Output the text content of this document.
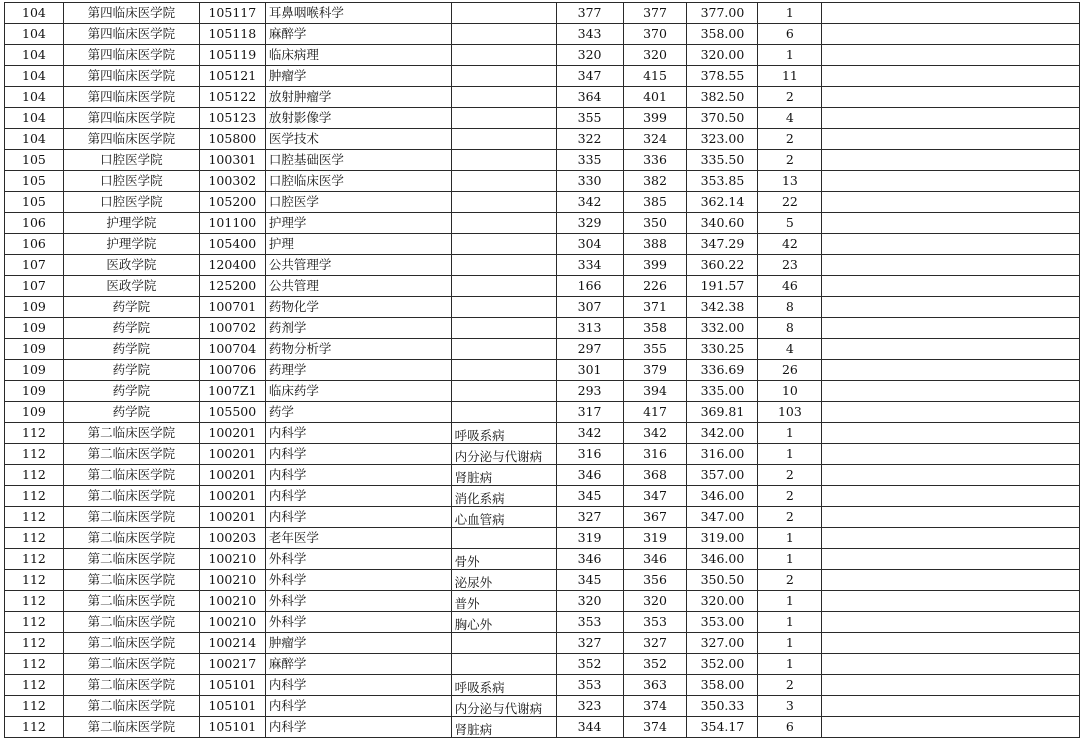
104	第四临床医学院	105117	耳鼻咽喉科学		377	377	377.00	1	
104	第四临床医学院	105118	麻醉学		343	370	358.00	6	
104	第四临床医学院	105119	临床病理		320	320	320.00	1	
104	第四临床医学院	105121	肿瘤学		347	415	378.55	11	
104	第四临床医学院	105122	放射肿瘤学		364	401	382.50	2	
104	第四临床医学院	105123	放射影像学		355	399	370.50	4	
104	第四临床医学院	105800	医学技术		322	324	323.00	2	
105	口腔医学院	100301	口腔基础医学		335	336	335.50	2	
105	口腔医学院	100302	口腔临床医学		330	382	353.85	13	
105	口腔医学院	105200	口腔医学		342	385	362.14	22	
106	护理学院	101100	护理学		329	350	340.60	5	
106	护理学院	105400	护理		304	388	347.29	42	
107	医政学院	120400	公共管理学		334	399	360.22	23	
107	医政学院	125200	公共管理		166	226	191.57	46	
109	药学院	100701	药物化学		307	371	342.38	8	
109	药学院	100702	药剂学		313	358	332.00	8	
109	药学院	100704	药物分析学		297	355	330.25	4	
109	药学院	100706	药理学		301	379	336.69	26	
109	药学院	1007Z1	临床药学		293	394	335.00	10	
109	药学院	105500	药学		317	417	369.81	103	
112	第二临床医学院	100201	内科学	呼吸系病	342	342	342.00	1	
112	第二临床医学院	100201	内科学	内分泌与代谢病	316	316	316.00	1	
112	第二临床医学院	100201	内科学	肾脏病	346	368	357.00	2	
112	第二临床医学院	100201	内科学	消化系病	345	347	346.00	2	
112	第二临床医学院	100201	内科学	心血管病	327	367	347.00	2	
112	第二临床医学院	100203	老年医学		319	319	319.00	1	
112	第二临床医学院	100210	外科学	骨外	346	346	346.00	1	
112	第二临床医学院	100210	外科学	泌尿外	345	356	350.50	2	
112	第二临床医学院	100210	外科学	普外	320	320	320.00	1	
112	第二临床医学院	100210	外科学	胸心外	353	353	353.00	1	
112	第二临床医学院	100214	肿瘤学		327	327	327.00	1	
112	第二临床医学院	100217	麻醉学		352	352	352.00	1	
112	第二临床医学院	105101	内科学	呼吸系病	353	363	358.00	2	
112	第二临床医学院	105101	内科学	内分泌与代谢病	323	374	350.33	3	
112	第二临床医学院	105101	内科学	肾脏病	344	374	354.17	6	
